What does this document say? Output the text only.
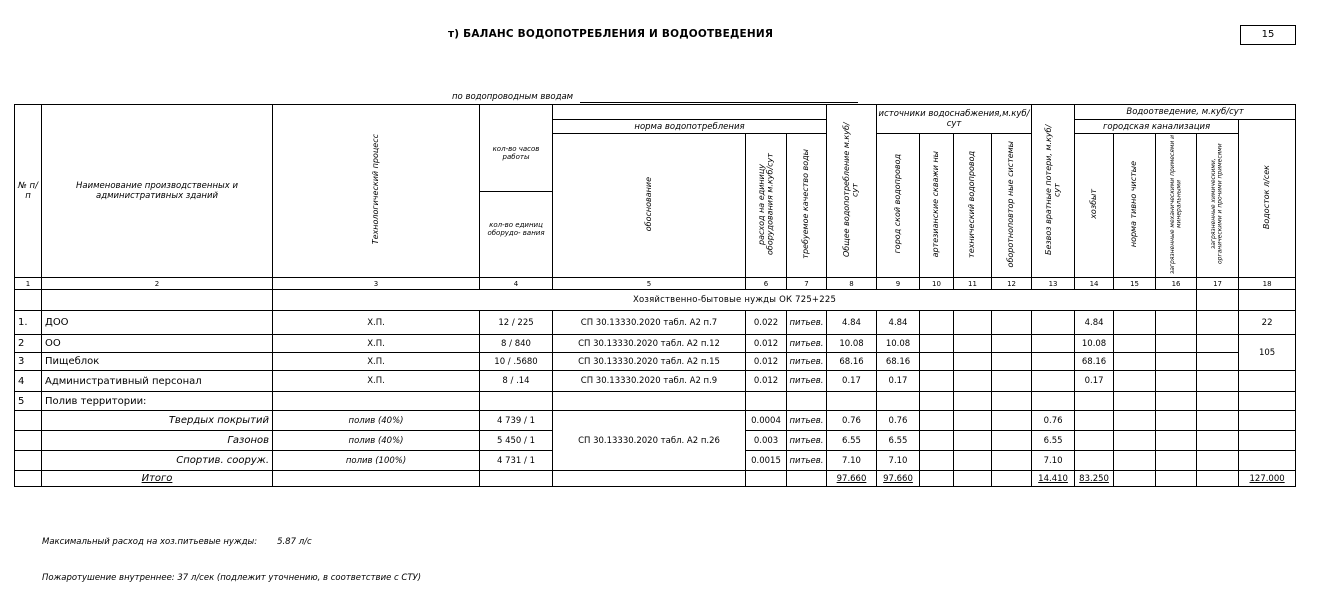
т) БАЛАНС ВОДОПОТРЕБЛЕНИЯ И ВОДООТВЕДЕНИЯ	15
по водопроводным вводам
№ п/п	Наименование производственных и административных зданий	Технологический процесс	кол-во часов работы
кол-во единиц оборудо- вания				Общее водопотребление м.куб/сут	источники водоснабжения,м.куб/сут				Безвоз вратные потери, м.куб/сут	Водоотведение, м.куб/сут				
				норма водопотребления									городская канализация				Водосток л/сек
				обоснование	расход на единицу оборудования м.куб/сут	требуемое качество воды		город ской водопровод	артезианские скважи ны	технический водопровод	оборотноповтор ные системы		хозбыт	норма тивно чистые	загрязненные механическими примесями и минеральными	загрязненные химическими, органическими и прочими примесями	
1	2	3	4	5	6	7	8	9	10	11	12	13	14	15	16	17	18
		Хозяйственно-бытовые нужды ОК 725+225															
1.	ДОО	Х.П.	12 / 225	СП 30.13330.2020 табл. А2 п.7	0.022	питьев.	4.84	4.84					4.84				22
2	ОО	Х.П.	8 / 840	СП 30.13330.2020 табл. А2 п.12	0.012	питьев.	10.08	10.08					10.08				105
3	Пищеблок	Х.П.	10 / .5680	СП 30.13330.2020 табл. А2 п.15	0.012	питьев.	68.16	68.16					68.16				
4	Административный персонал	Х.П.	8 / .14	СП 30.13330.2020 табл. А2 п.9	0.012	питьев.	0.17	0.17					0.17				
5	Полив территории:																
	Твердых покрытий	полив (40%)	4 739 / 1	СП 30.13330.2020 табл. А2 п.26	0.0004	питьев.	0.76	0.76				0.76					
	Газонов	полив (40%)	5 450 / 1		0.003	питьев.	6.55	6.55				6.55					
	Спортив. сооруж.	полив (100%)	4 731 / 1		0.0015	питьев.	7.10	7.10				7.10					
	Итого						97.660	97.660				14.410	83.250				127.000
Максимальный расход на хоз.питьевые нужды: 5.87 л/с
Пожаротушение внутреннее: 37 л/сек (подлежит уточнению, в соответствие с СТУ)
